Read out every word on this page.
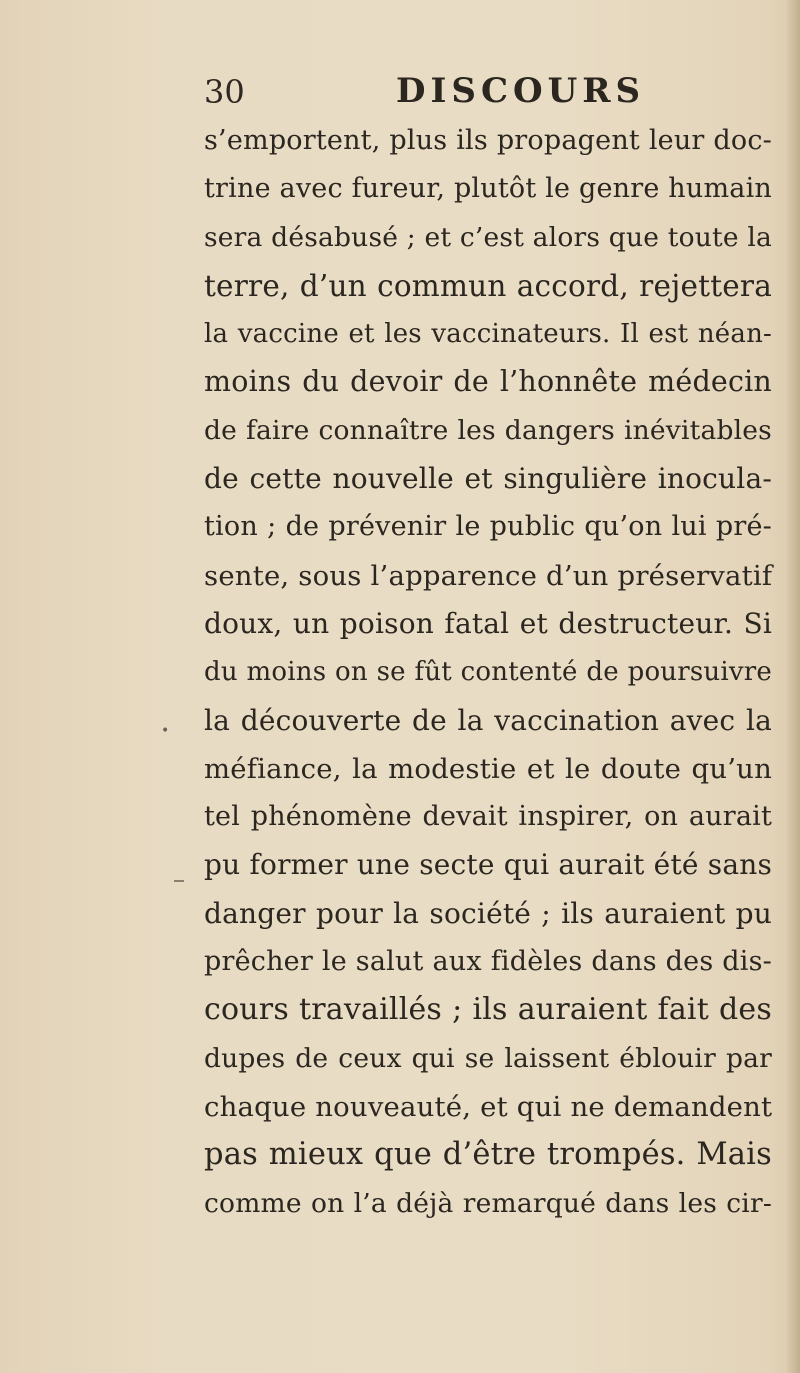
30	DISCOURS
•
s’emportent, plus ils propagent leur doc-
trine avec fureur, plutôt le genre humain
sera désabusé ; et c’est alors que toute la
terre, d’un commun accord, rejettera
la vaccine et les vaccinateurs. Il est néan-
moins du devoir de l’honnête médecin
de faire connaître les dangers inévitables
de cette nouvelle et singulière inocula-
tion ; de prévenir le public qu’on lui pré-
sente, sous l’apparence d’un préservatif
doux, un poison fatal et destructeur. Si
du moins on se fût contenté de poursuivre
la découverte de la vaccination avec la
méfiance, la modestie et le doute qu’un
tel phénomène devait inspirer, on aurait
pu former une secte qui aurait été sans
danger pour la société ; ils auraient pu
prêcher le salut aux fidèles dans des dis-
cours travaillés ; ils auraient fait des
dupes de ceux qui se laissent éblouir par
chaque nouveauté, et qui ne demandent
pas mieux que d’être trompés. Mais
comme on l’a déjà remarqué dans les cir-
